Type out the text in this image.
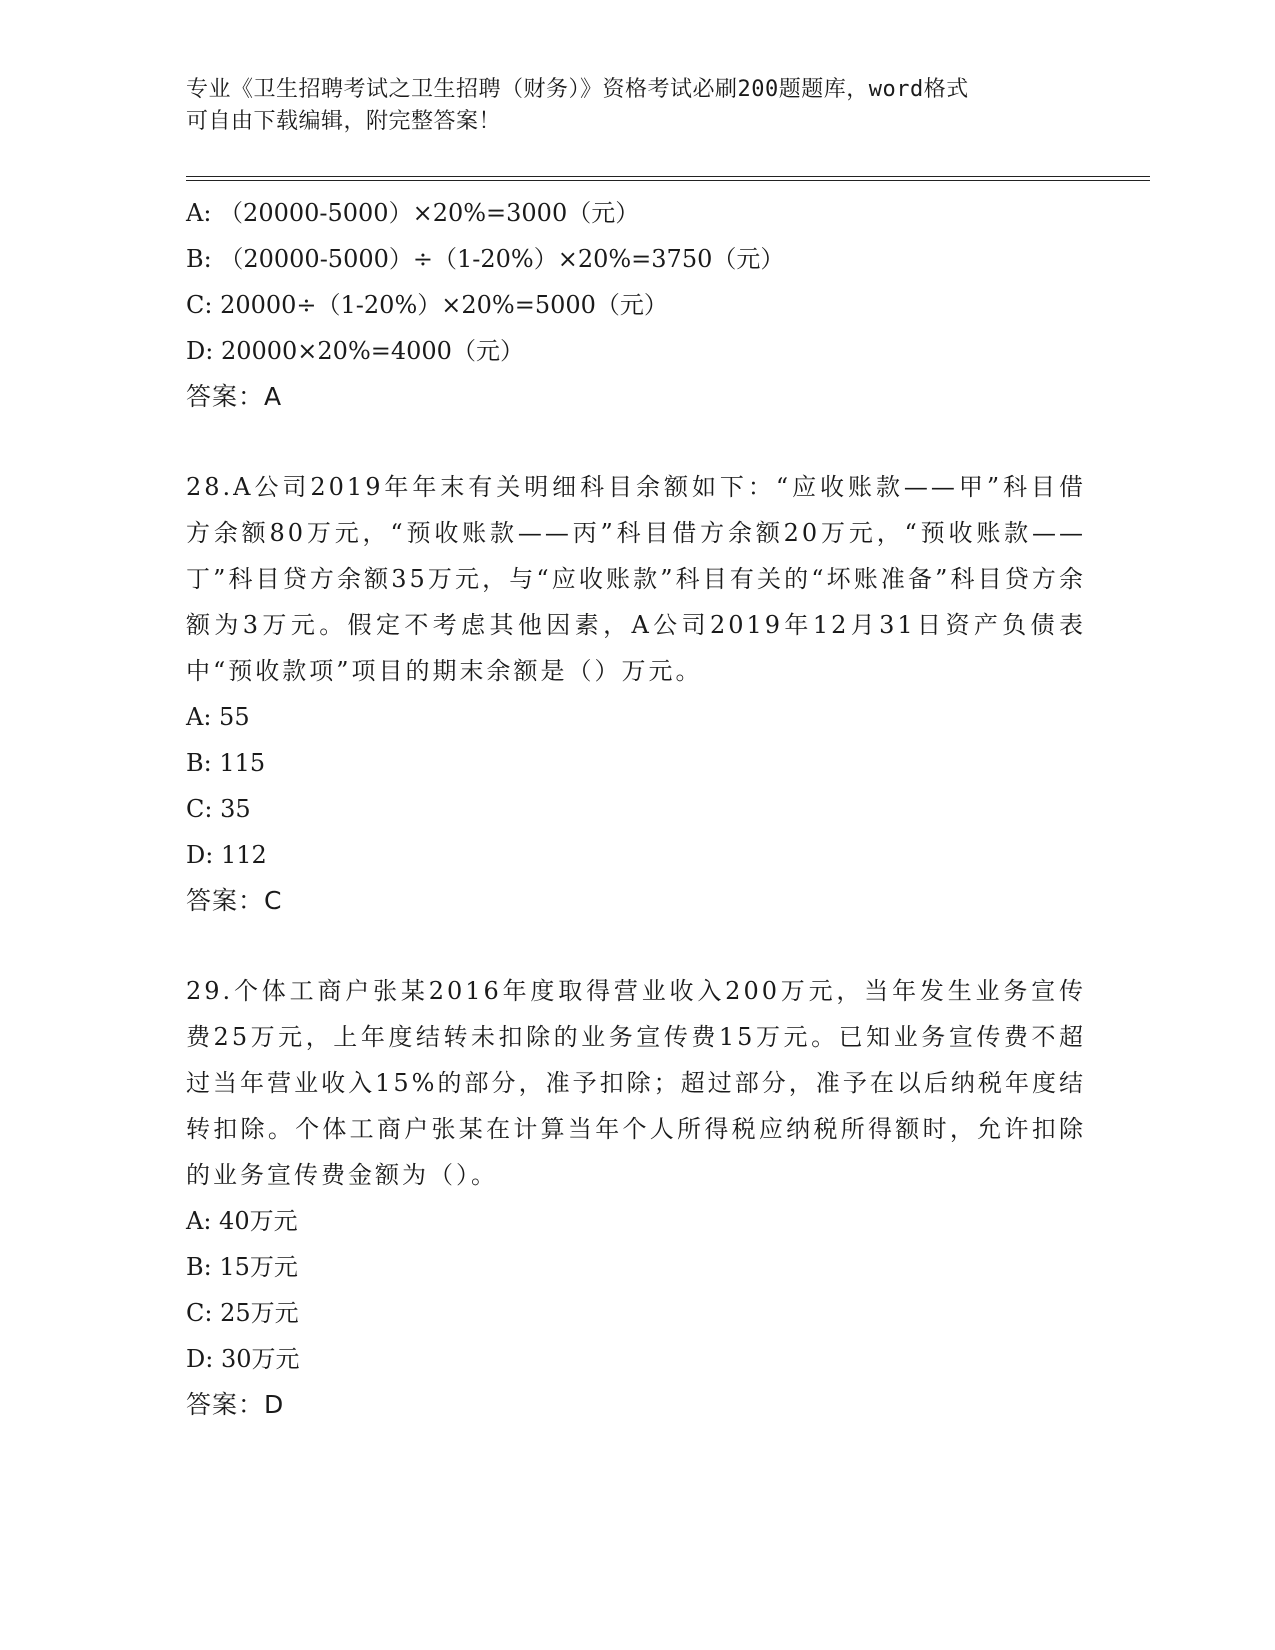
专业《卫生招聘考试之卫生招聘（财务）》资格考试必刷200题题库，word格式
可自由下载编辑，附完整答案！
A: （20000-5000）×20%=3000（元）
B: （20000-5000）÷（1-20%）×20%=3750（元）
C: 20000÷（1-20%）×20%=5000（元）
D: 20000×20%=4000（元）
答案：A
28.A公司2019年年末有关明细科目余额如下：“应收账款——甲”科目借方余额80万元，“预收账款——丙”科目借方余额20万元，“预收账款——丁”科目贷方余额35万元，与“应收账款”科目有关的“坏账准备”科目贷方余额为3万元。假定不考虑其他因素，A公司2019年12月31日资产负债表中“预收款项”项目的期末余额是（）万元。
A: 55
B: 115
C: 35
D: 112
答案：C
29.个体工商户张某2016年度取得营业收入200万元，当年发生业务宣传费25万元，上年度结转未扣除的业务宣传费15万元。已知业务宣传费不超过当年营业收入15%的部分，准予扣除；超过部分，准予在以后纳税年度结转扣除。个体工商户张某在计算当年个人所得税应纳税所得额时，允许扣除的业务宣传费金额为（）。
A: 40万元
B: 15万元
C: 25万元
D: 30万元
答案：D
